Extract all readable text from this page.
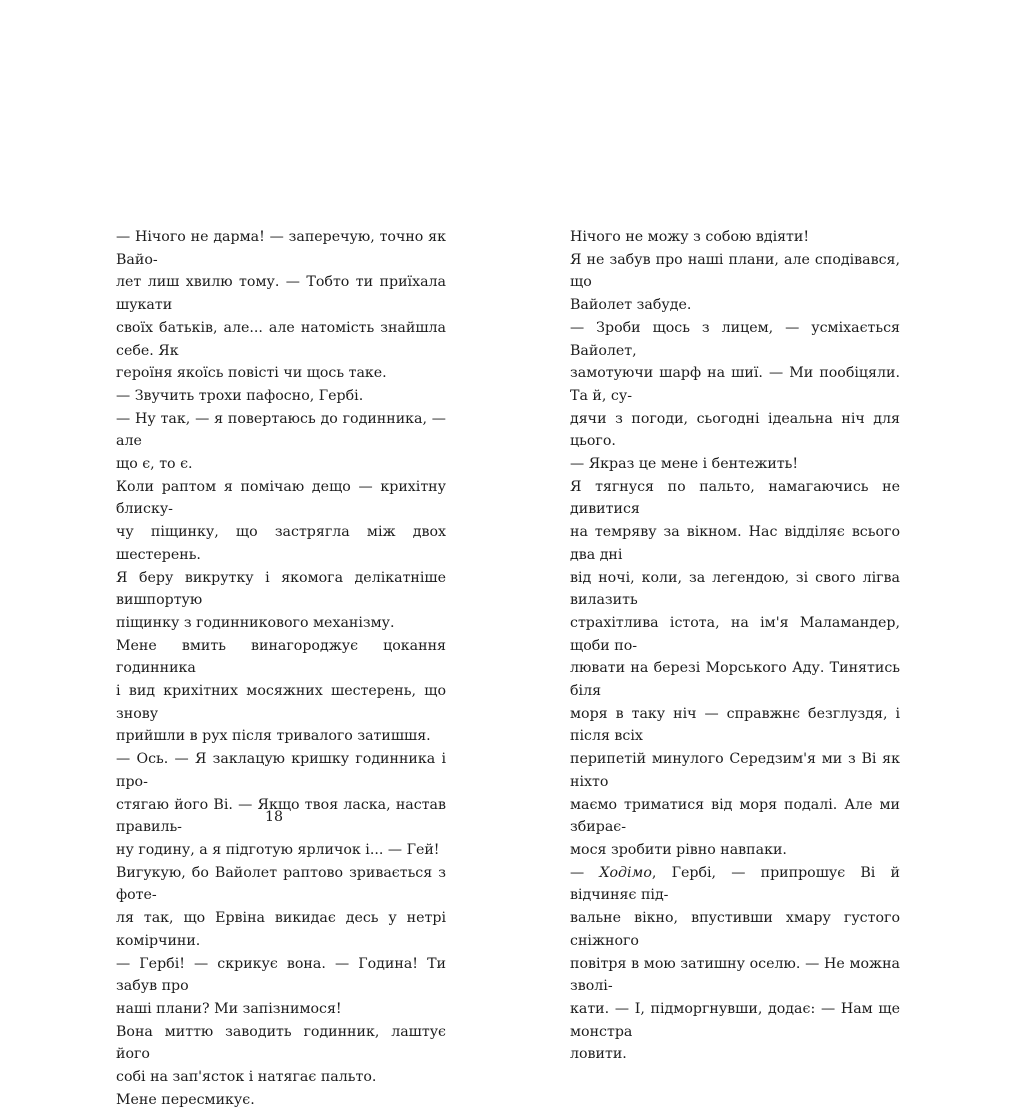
— Нічого не дарма! — заперечую, точно як Вайо-
лет лиш хвилю тому. — Тобто ти приїхала шукати
своїх батьків, але... але натомість знайшла себе. Як
героїня якоїсь повісті чи щось таке.

— Звучить трохи пафосно, Гербі.

— Ну так, — я повертаюсь до годинника, — але
що є, то є.

Коли раптом я помічаю дещо — крихітну блиску-
чу піщинку, що застрягла між двох шестерень.
Я беру викрутку і якомога делікатніше вишпортую
піщинку з годинникового механізму.

Мене вмить винагороджує цокання годинника
і вид крихітних мосяжних шестерень, що знову
прийшли в рух після тривалого затишшя.

— Ось. — Я заклацую кришку годинника і про-
стягаю його Ві. — Якщо твоя ласка, настав правиль-
ну годину, а я підготую ярличок і... — Гей!

Вигукую, бо Вайолет раптово зривається з фоте-
ля так, що Ервіна викидає десь у нетрі комірчини.

— Гербі! — скрикує вона. — Година! Ти забув про
наші плани? Ми запізнимося!

Вона миттю заводить годинник, лаштує його
собі на зап'ясток і натягає пальто.

Мене пересмикує.

18

Нічого не можу з собою вдіяти!

Я не забув про наші плани, але сподівався, що
Вайолет забуде.

— Зроби щось з лицем, — усміхається Вайолет,
замотуючи шарф на шиї. — Ми пообіцяли. Та й, су-
дячи з погоди, сьогодні ідеальна ніч для цього.

— Якраз це мене і бентежить!

Я тягнуся по пальто, намагаючись не дивитися
на темряву за вікном. Нас відділяє всього два дні
від ночі, коли, за легендою, зі свого лігва вилазить
страхітлива істота, на ім'я Маламандер, щоби по-
лювати на березі Морського Аду. Тинятись біля
моря в таку ніч — справжнє безглуздя, і після всіх
перипетій минулого Середзим'я ми з Ві як ніхто
маємо триматися від моря подалі. Але ми збирає-
мося зробити рівно навпаки.

— Ходімо, Гербі, — припрошує Ві й відчиняє під-
вальне вікно, впустивши хмару густого сніжного
повітря в мою затишну оселю. — Не можна зволі-
кати. — І, підморгнувши, додає: — Нам ще монстра
ловити.
